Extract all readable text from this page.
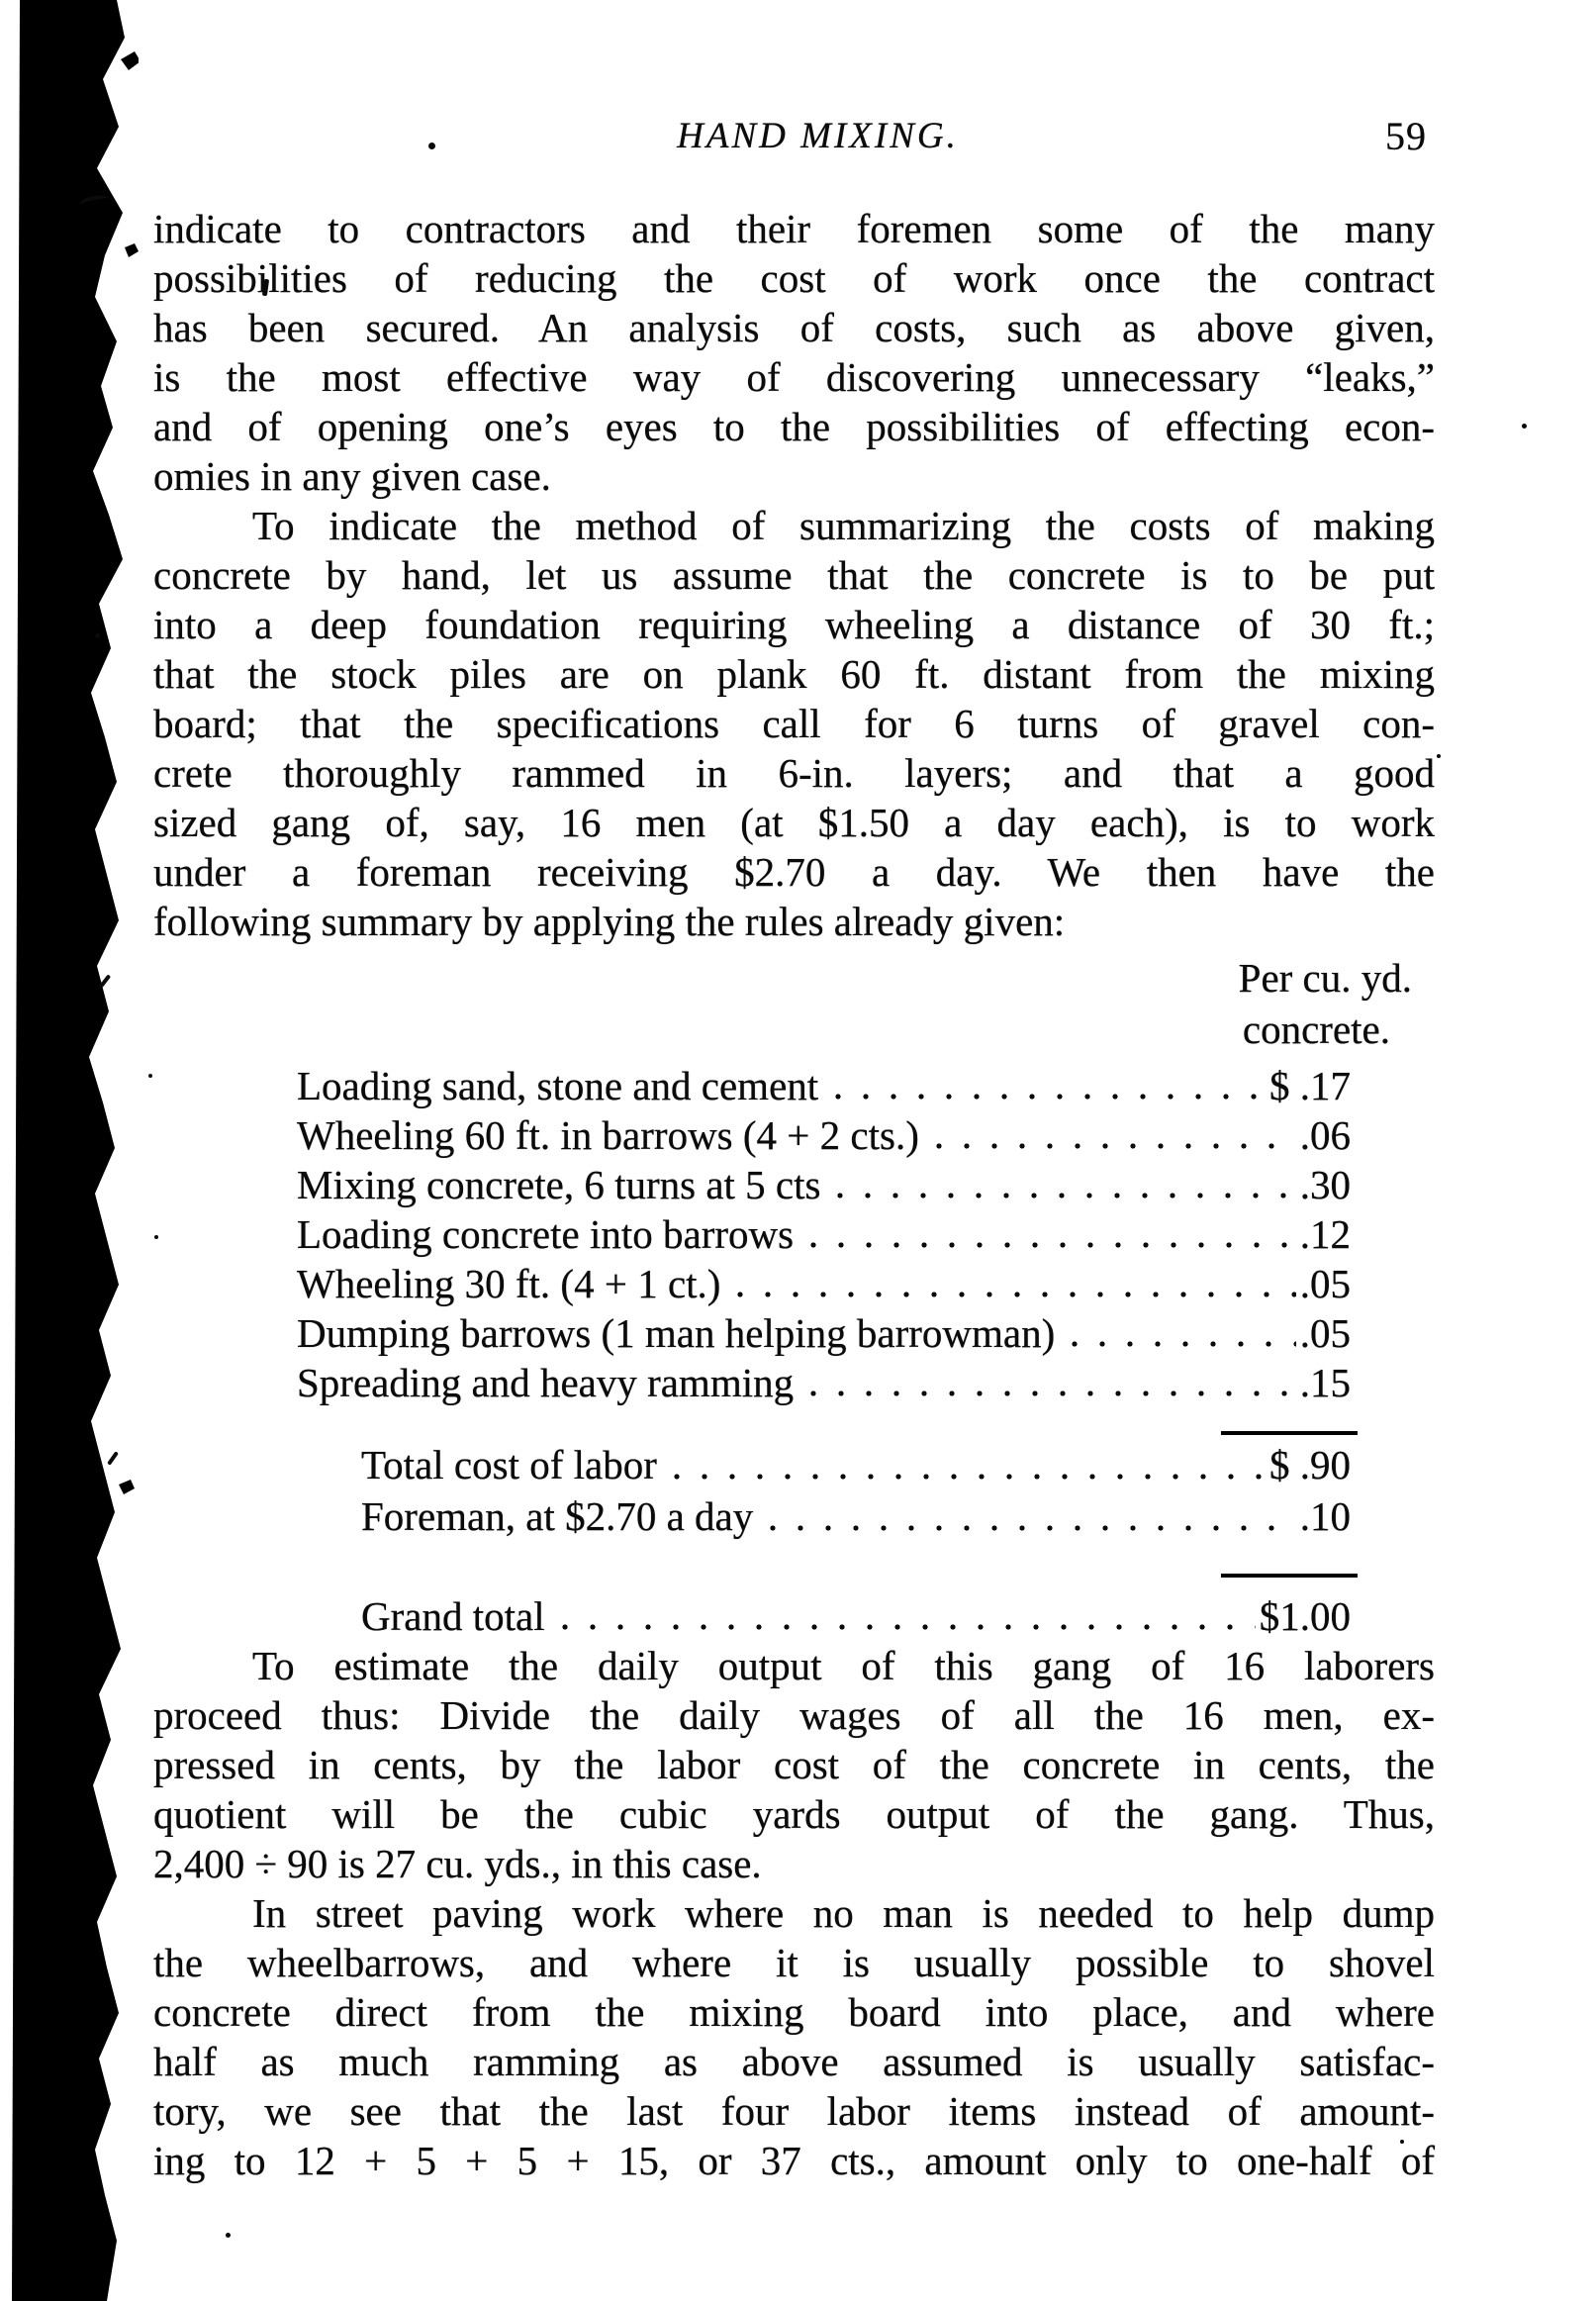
HAND MIXING.	59
indicate to contractors and their foremen some of the many
possibilities of reducing the cost of work once the contract
has been secured. An analysis of costs, such as above given,
is the most effective way of discovering unnecessary “leaks,”
and of opening one’s eyes to the possibilities of effecting econ-
omies in any given case.
To indicate the method of summarizing the costs of making
concrete by hand, let us assume that the concrete is to be put
into a deep foundation requiring wheeling a distance of 30 ft.;
that the stock piles are on plank 60 ft. distant from the mixing
board; that the specifications call for 6 turns of gravel con-
crete thoroughly rammed in 6-in. layers; and that a good
sized gang of, say, 16 men (at $1.50 a day each), is to work
under a foreman receiving $2.70 a day. We then have the
following summary by applying the rules already given:
Per cu. yd.
concrete.
Loading sand, stone and cement	$ .17
Wheeling 60 ft. in barrows (4 + 2 cts.)	.06
Mixing concrete, 6 turns at 5 cts	.30
Loading concrete into barrows	.12
Wheeling 30 ft. (4 + 1 ct.)	.05
Dumping barrows (1 man helping barrowman)	.05
Spreading and heavy ramming	.15
Total cost of labor	$ .90
Foreman, at $2.70 a day	.10
Grand total	$1.00
To estimate the daily output of this gang of 16 laborers
proceed thus: Divide the daily wages of all the 16 men, ex-
pressed in cents, by the labor cost of the concrete in cents, the
quotient will be the cubic yards output of the gang. Thus,
2,400 ÷ 90 is 27 cu. yds., in this case.
In street paving work where no man is needed to help dump
the wheelbarrows, and where it is usually possible to shovel
concrete direct from the mixing board into place, and where
half as much ramming as above assumed is usually satisfac-
tory, we see that the last four labor items instead of amount-
ing to 12 + 5 + 5 + 15, or 37 cts., amount only to one-half of
